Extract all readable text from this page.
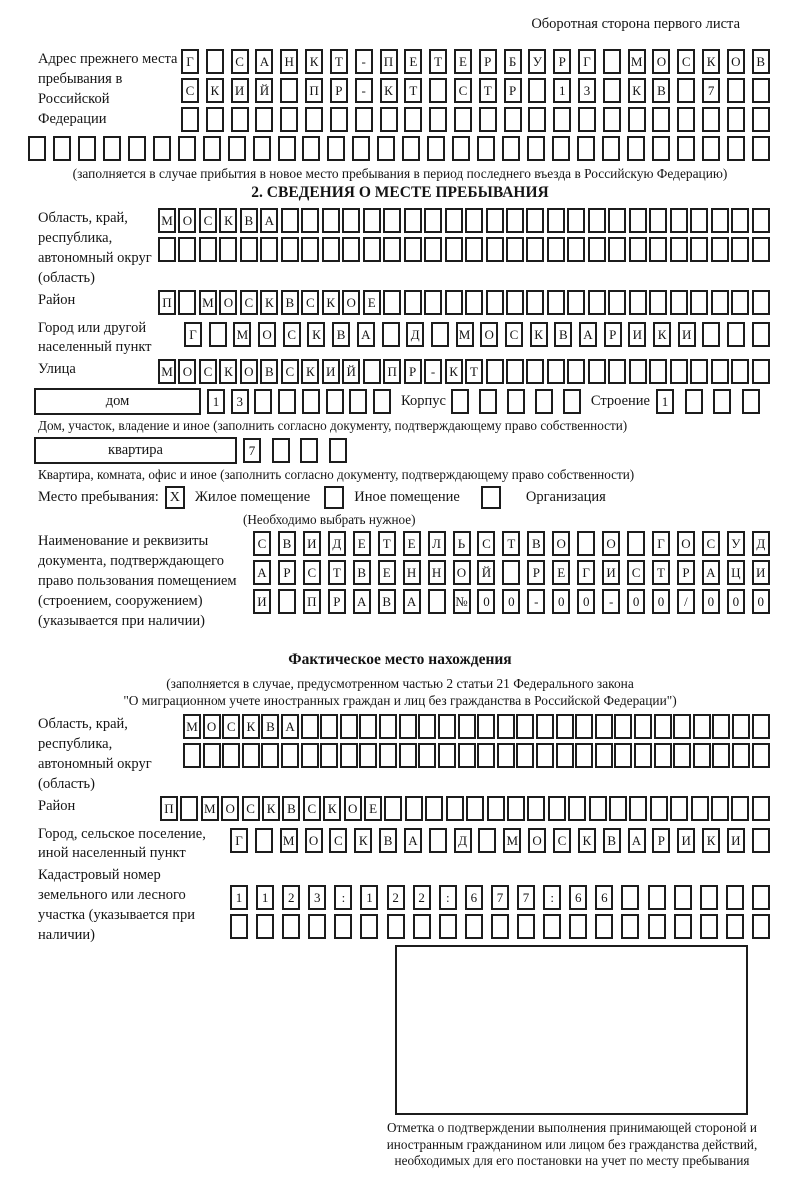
Оборотная сторона первого листа
Адрес прежнего места пребывания в Российской Федерации
Г	С	А	Н	К	Т	-	П	Е	Т	Е	Р	Б	У	Р	Г	М	О	С	К	О	В
С	К	И	Й	П	Р	-	К	Т	С	Т	Р	1	3	К	В	7
(заполняется в случае прибытия в новое место пребывания в период последнего въезда в Российскую Федерацию)
2. СВЕДЕНИЯ О МЕСТЕ ПРЕБЫВАНИЯ
Область, край, республика, автономный округ (область)
М О С К В А
Район	П	М О С К В С К О Е
Город или другой населенный пункт
Г	М	О	С	К	В	А	Д	М	О	С	К	В	А	Р	И	К	И
Улица	М О С К О В С К И Й	П Р	-	К Т
дом	1	3	Корпус	Строение 1
Дом, участок, владение и иное (заполнить согласно документу, подтверждающему право собственности)
квартира	7
Квартира, комната, офис и иное (заполнить согласно документу, подтверждающему право собственности)
Место пребывания: X	Жилое помещение	Иное помещение	Организация
(Необходимо выбрать нужное)
Наименование и реквизиты документа, подтверждающего право пользования помещением (строением, сооружением) (указывается при наличии)
С	В	И	Д	Е	Т	Е	Л	Ь	С	Т	В	О	О	Г	О	С	У	Д
А	Р	С	Т	В	Е	Н	Н	О	Й	Р	Е	Г	И	С	Т	Р	А	Ц	И
И	П	Р	А	В	А	№	0	0	-	0	0	-	0	0	/	0	0	0
Фактическое место нахождения
(заполняется в случае, предусмотренном частью 2 статьи 21 Федерального закона
"О миграционном учете иностранных граждан и лиц без гражданства в Российской Федерации")
Область, край, республика, автономный округ (область)
М О С К В А
Район	П	М О С К В С К О Е
Город, сельское поселение, иной населенный пункт
Г	М	О	С	К	В	А	Д	М	О	С	К	В	А	Р	И	К	И
Кадастровый номер земельного или лесного участка (указывается при наличии)
1	1	2	3	:	1	2	2	:	6	7	7	:	6	6
Отметка о подтверждении выполнения принимающей стороной и иностранным гражданином или лицом без гражданства действий, необходимых для его постановки на учет по месту пребывания
